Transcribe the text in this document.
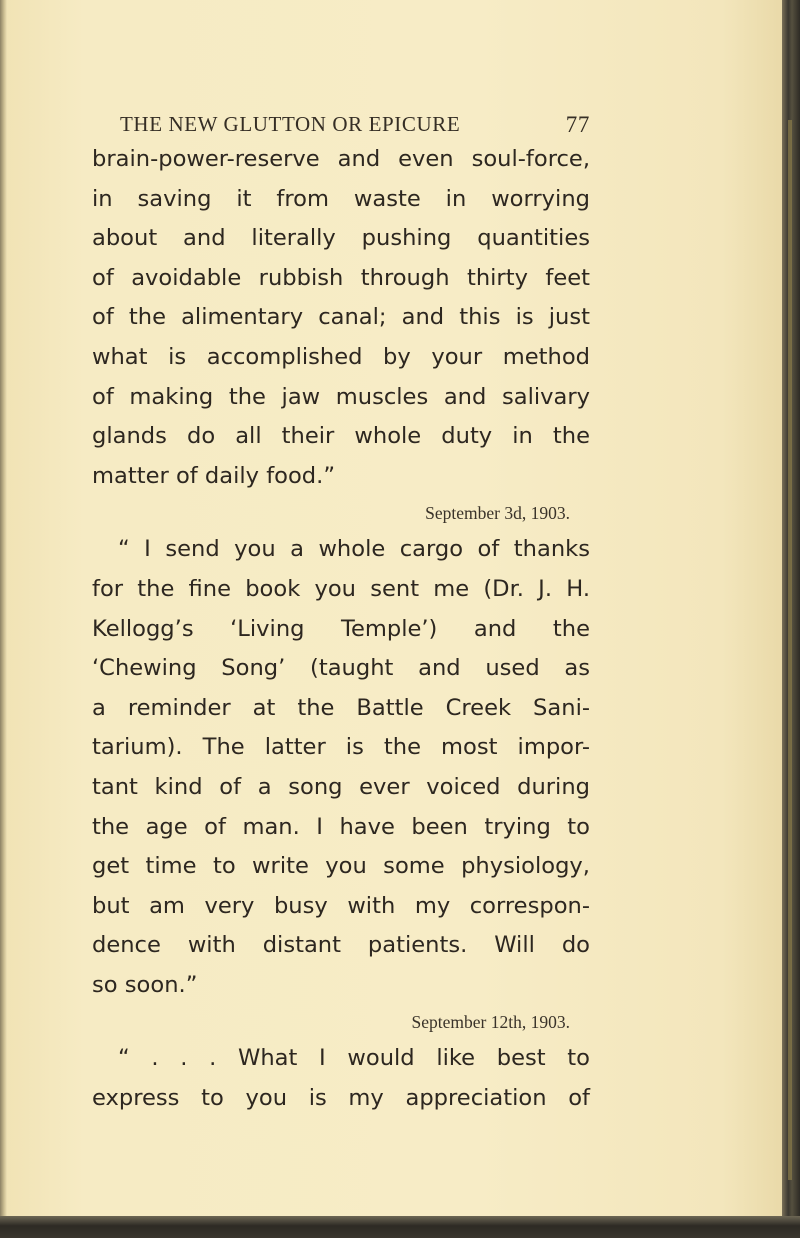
THE NEW GLUTTON OR EPICURE	77
brain-power-reserve and even soul-force,
in saving it from waste in worrying
about and literally pushing quantities
of avoidable rubbish through thirty feet
of the alimentary canal; and this is just
what is accomplished by your method
of making the jaw muscles and salivary
glands do all their whole duty in the
matter of daily food.”
September 3d, 1903.
“ I send you a whole cargo of thanks
for the fine book you sent me (Dr. J. H.
Kellogg’s ‘Living Temple’) and the
‘Chewing Song’ (taught and used as
a reminder at the Battle Creek Sani-
tarium). The latter is the most impor-
tant kind of a song ever voiced during
the age of man. I have been trying to
get time to write you some physiology,
but am very busy with my correspon-
dence with distant patients. Will do
so soon.”
September 12th, 1903.
“ . . . What I would like best to
express to you is my appreciation of
